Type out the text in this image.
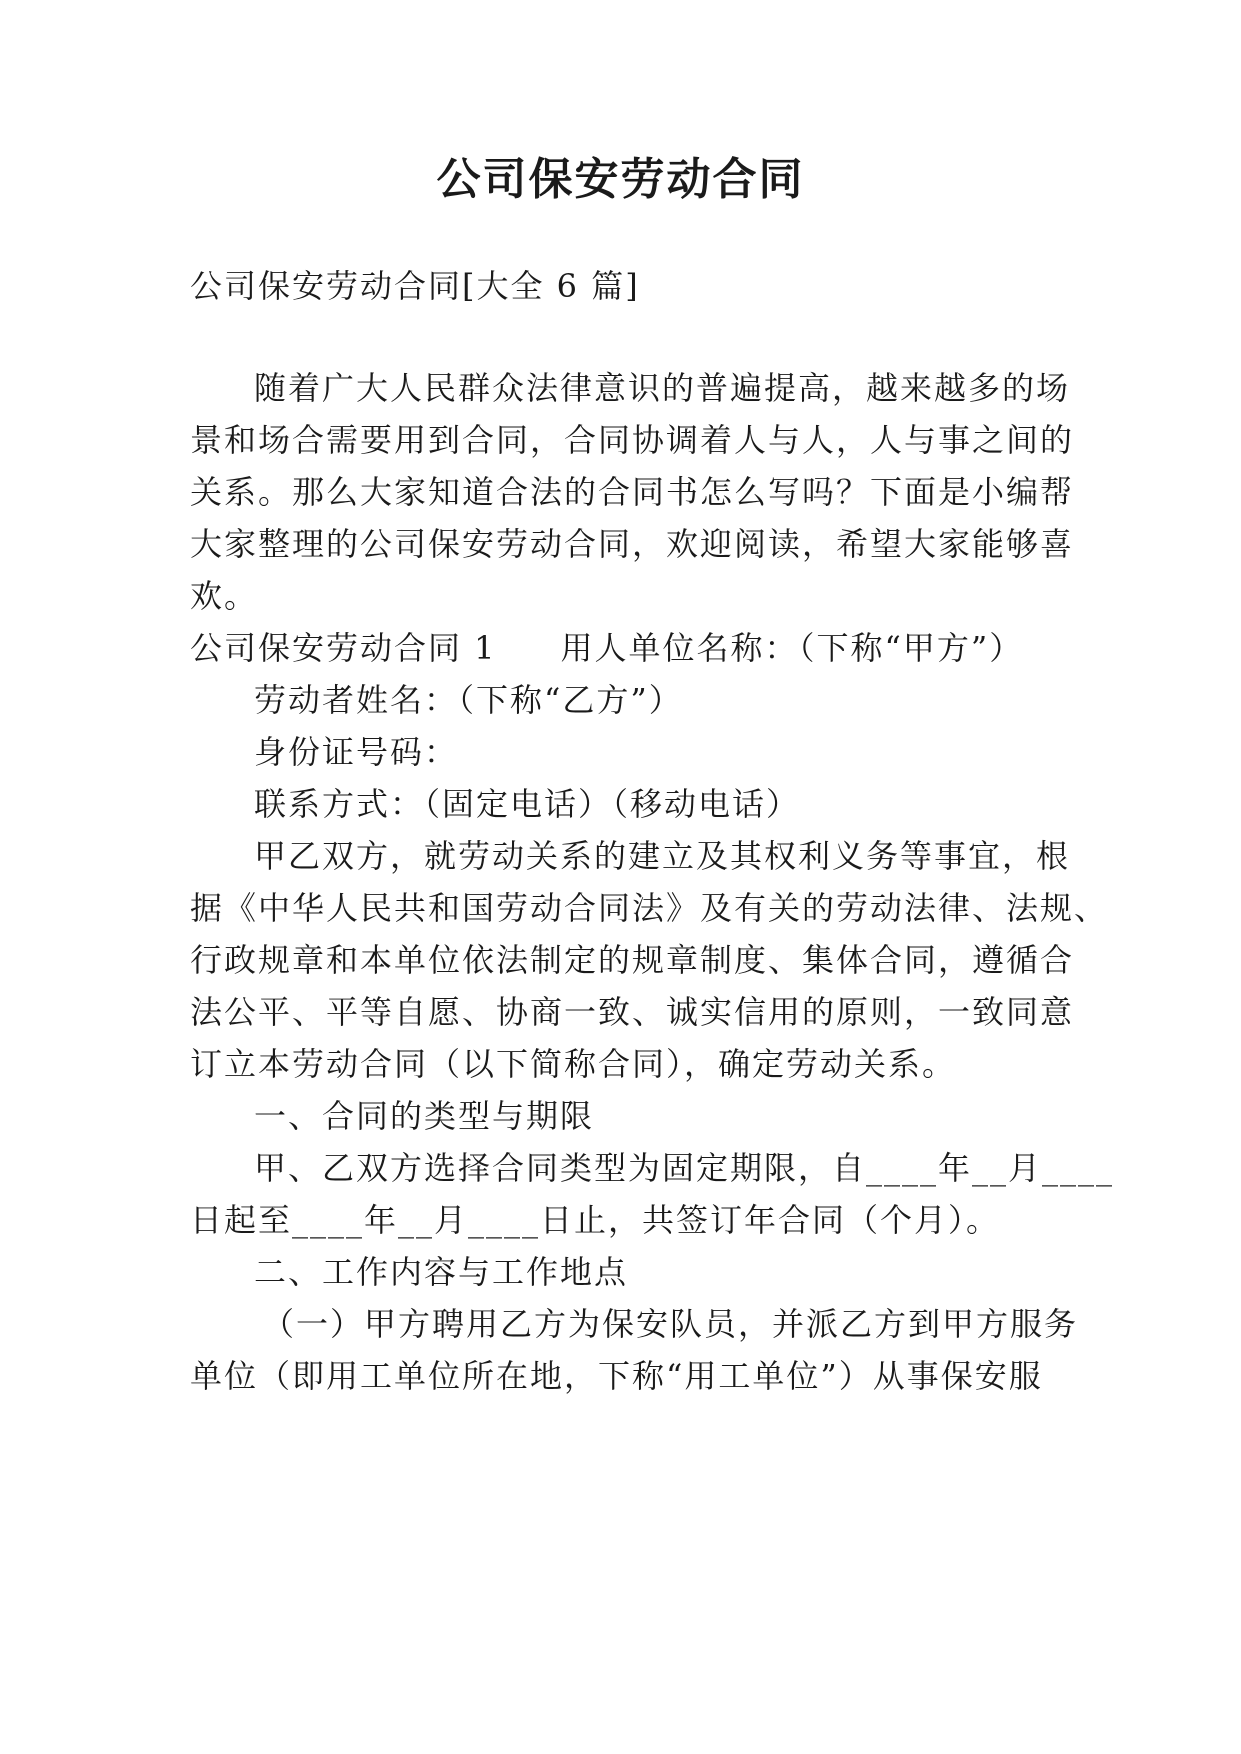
公司保安劳动合同
公司保安劳动合同[大全 6 篇]
随着广大人民群众法律意识的普遍提高，越来越多的场
景和场合需要用到合同，合同协调着人与人，人与事之间的
关系。那么大家知道合法的合同书怎么写吗？下面是小编帮
大家整理的公司保安劳动合同，欢迎阅读，希望大家能够喜
欢。
公司保安劳动合同 1 用人单位名称：（下称“甲方”）
劳动者姓名：（下称“乙方”）
身份证号码：
联系方式：（固定电话）（移动电话）
甲乙双方，就劳动关系的建立及其权利义务等事宜，根
据《中华人民共和国劳动合同法》及有关的劳动法律、法规、
行政规章和本单位依法制定的规章制度、集体合同，遵循合
法公平、平等自愿、协商一致、诚实信用的原则，一致同意
订立本劳动合同（以下简称合同），确定劳动关系。
一、合同的类型与期限
甲、乙双方选择合同类型为固定期限，自____年__月____
日起至____年__月____日止，共签订年合同（个月）。
二、工作内容与工作地点
（一）甲方聘用乙方为保安队员，并派乙方到甲方服务
单位（即用工单位所在地，下称“用工单位”）从事保安服
